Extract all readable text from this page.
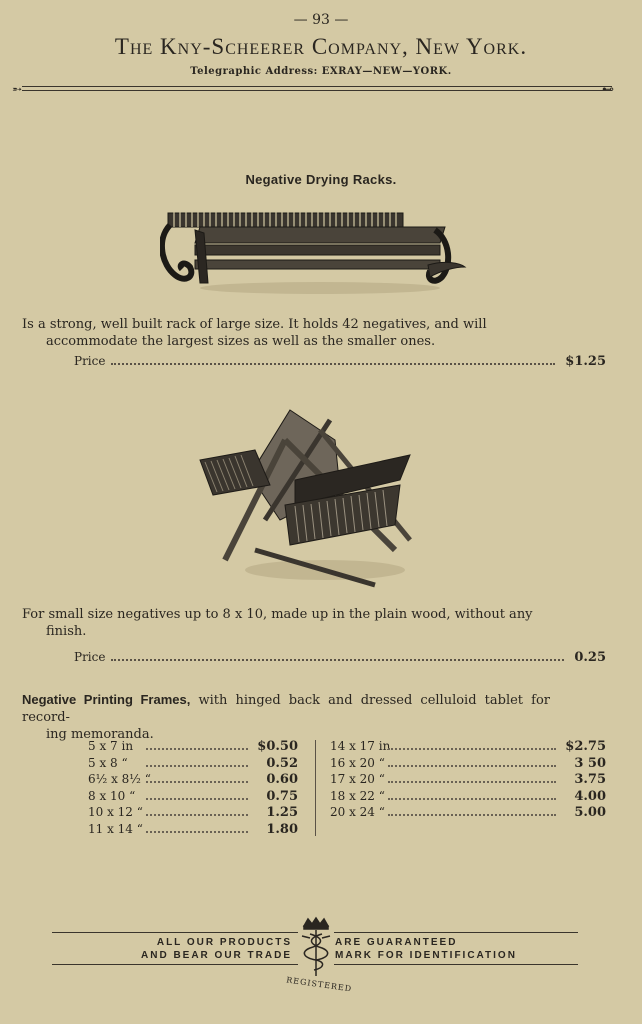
— 93 —
The Kny-Scheerer Company, New York.
Telegraphic Address: EXRAY—NEW—YORK.
➵	⊷
Negative Drying Racks.
Is a strong, well built rack of large size. It holds 42 negatives, and will
accommodate the largest sizes as well as the smaller ones.
Price	$1.25
For small size negatives up to 8 x 10, made up in the plain wood, without any
finish.
Price	0.25
Negative Printing Frames, with hinged back and dressed celluloid tablet for record-
ing memoranda.
5 x 7 in	$0.50
5 x 8 “	0.52
6½ x 8½ “	0.60
8 x 10 “	0.75
10 x 12 “	1.25
11 x 14 “	1.80
14 x 17 in	$2.75
16 x 20 “	3 50
17 x 20 “	3.75
18 x 22 “	4.00
20 x 24 “	5.00
ALL OUR PRODUCTS	ARE GUARANTEED
AND BEAR OUR TRADE	MARK FOR IDENTIFICATION
REGISTERED
